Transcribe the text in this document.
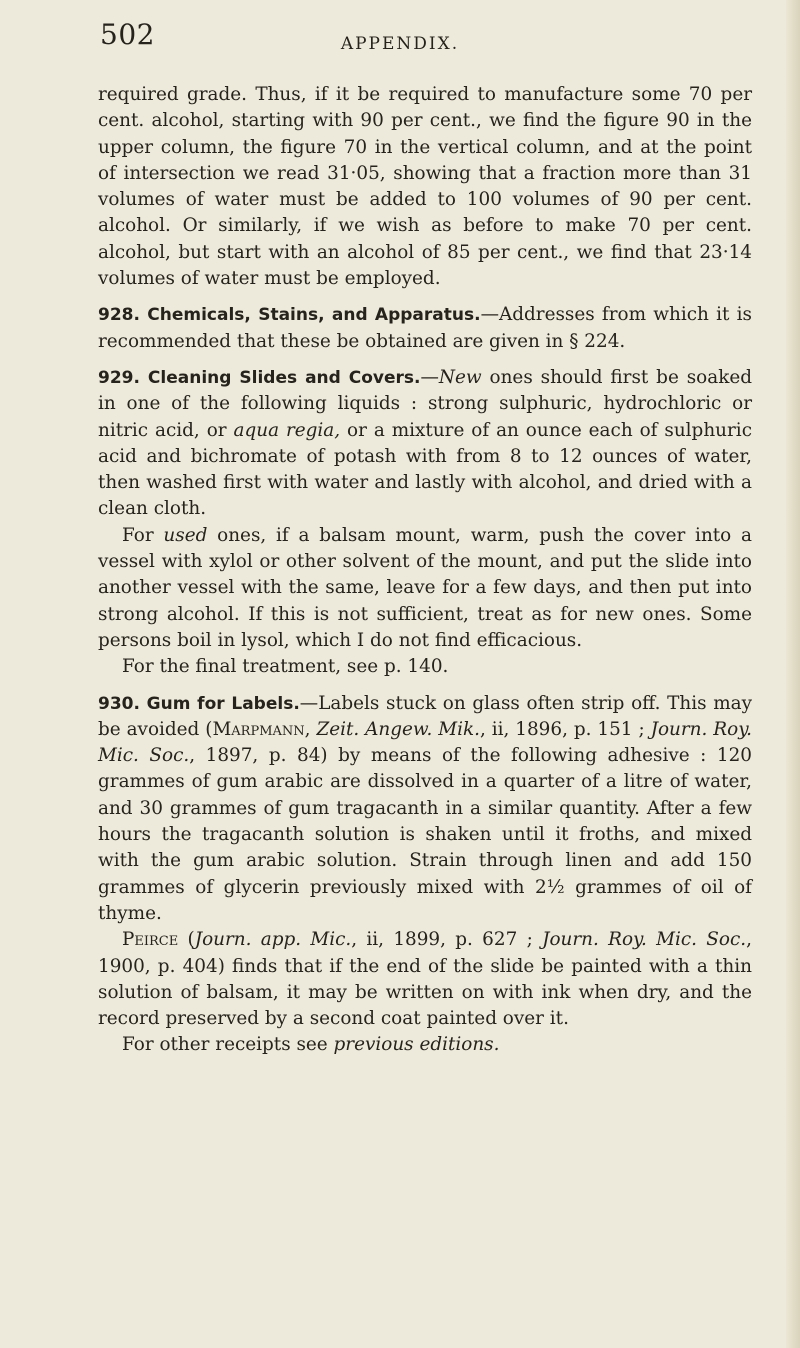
502	APPENDIX.

required grade. Thus, if it be required to manufacture some 70 per cent. alcohol, starting with 90 per cent., we find the figure 90 in the upper column, the figure 70 in the vertical column, and at the point of intersection we read 31·05, showing that a fraction more than 31 volumes of water must be added to 100 volumes of 90 per cent. alcohol. Or similarly, if we wish as before to make 70 per cent. alcohol, but start with an alcohol of 85 per cent., we find that 23·14 volumes of water must be employed.

928. Chemicals, Stains, and Apparatus.—Addresses from which it is recommended that these be obtained are given in § 224.

929. Cleaning Slides and Covers.—New ones should first be soaked in one of the following liquids : strong sulphuric, hydrochloric or nitric acid, or aqua regia, or a mixture of an ounce each of sulphuric acid and bichromate of potash with from 8 to 12 ounces of water, then washed first with water and lastly with alcohol, and dried with a clean cloth.

For used ones, if a balsam mount, warm, push the cover into a vessel with xylol or other solvent of the mount, and put the slide into another vessel with the same, leave for a few days, and then put into strong alcohol. If this is not sufficient, treat as for new ones. Some persons boil in lysol, which I do not find efficacious.

For the final treatment, see p. 140.

930. Gum for Labels.—Labels stuck on glass often strip off. This may be avoided (Marpmann, Zeit. Angew. Mik., ii, 1896, p. 151 ; Journ. Roy. Mic. Soc., 1897, p. 84) by means of the following adhesive : 120 grammes of gum arabic are dissolved in a quarter of a litre of water, and 30 grammes of gum tragacanth in a similar quantity. After a few hours the tragacanth solution is shaken until it froths, and mixed with the gum arabic solution. Strain through linen and add 150 grammes of glycerin previously mixed with 2½ grammes of oil of thyme.

Peirce (Journ. app. Mic., ii, 1899, p. 627 ; Journ. Roy. Mic. Soc., 1900, p. 404) finds that if the end of the slide be painted with a thin solution of balsam, it may be written on with ink when dry, and the record preserved by a second coat painted over it.

For other receipts see previous editions.
